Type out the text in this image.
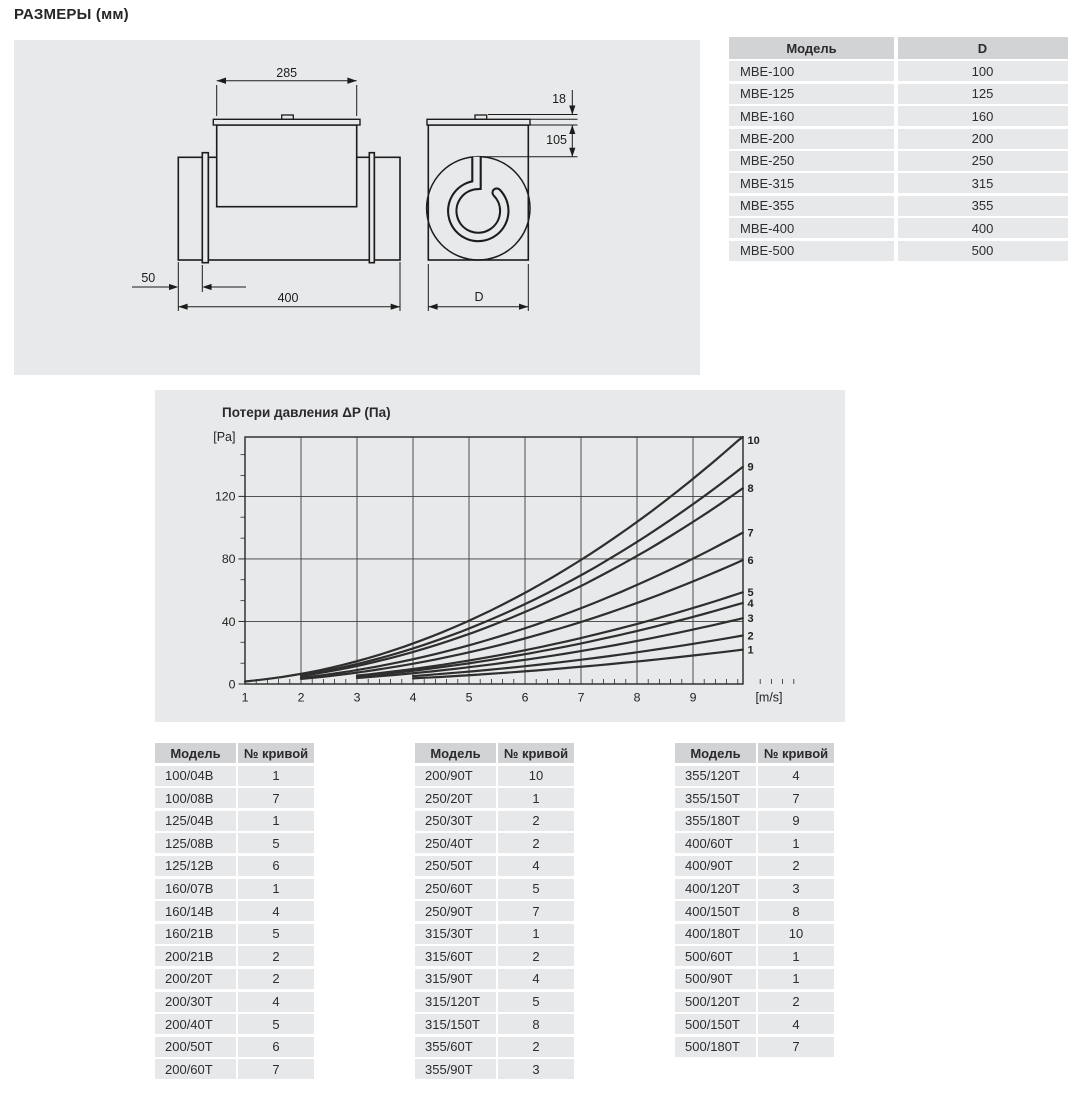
РАЗМЕРЫ (мм)
285
18
105
50
400	D
Модель	D
МВЕ-100	100
МВЕ-125	125
МВЕ-160	160
МВЕ-200	200
МВЕ-250	250
МВЕ-315	315
МВЕ-355	355
МВЕ-400	400
МВЕ-500	500
Потери давления ΔP (Па)
[Pa]
[m/s]
1	2	3	4	5	6	7	8	9
0
40
80
120
1
2
3
4
5
6
7
8
9
10
Модель	№ кривой
100/04В	1
100/08В	7
125/04В	1
125/08В	5
125/12В	6
160/07В	1
160/14В	4
160/21В	5
200/21В	2
200/20Т	2
200/30Т	4
200/40Т	5
200/50Т	6
200/60Т	7
Модель	№ кривой
200/90Т	10
250/20Т	1
250/30Т	2
250/40Т	2
250/50Т	4
250/60Т	5
250/90Т	7
315/30Т	1
315/60Т	2
315/90Т	4
315/120Т	5
315/150Т	8
355/60Т	2
355/90Т	3
Модель	№ кривой
355/120Т	4
355/150Т	7
355/180Т	9
400/60Т	1
400/90Т	2
400/120Т	3
400/150Т	8
400/180Т	10
500/60Т	1
500/90Т	1
500/120Т	2
500/150Т	4
500/180Т	7
